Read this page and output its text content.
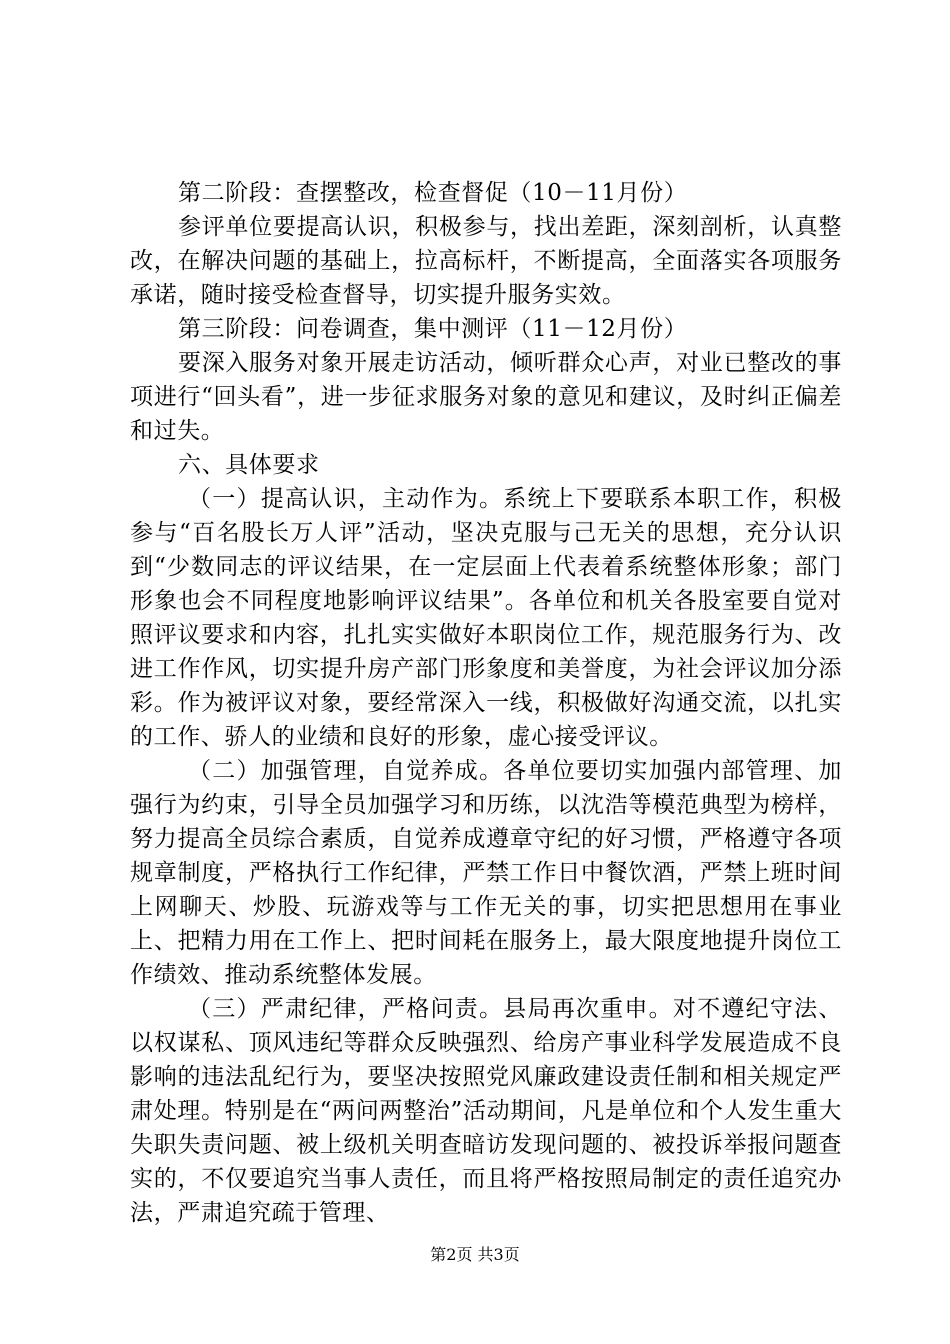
第二阶段：查摆整改，检查督促（10－11月份）

参评单位要提高认识，积极参与，找出差距，深刻剖析，认真整改，在解决问题的基础上，拉高标杆，不断提高，全面落实各项服务承诺，随时接受检查督导，切实提升服务实效。

第三阶段：问卷调查，集中测评（11－12月份）

要深入服务对象开展走访活动，倾听群众心声，对业已整改的事项进行“回头看”，进一步征求服务对象的意见和建议，及时纠正偏差和过失。

六、具体要求

（一）提高认识，主动作为。系统上下要联系本职工作，积极参与“百名股长万人评”活动，坚决克服与己无关的思想，充分认识到“少数同志的评议结果，在一定层面上代表着系统整体形象；部门形象也会不同程度地影响评议结果”。各单位和机关各股室要自觉对照评议要求和内容，扎扎实实做好本职岗位工作，规范服务行为、改进工作作风，切实提升房产部门形象度和美誉度，为社会评议加分添彩。作为被评议对象，要经常深入一线，积极做好沟通交流，以扎实的工作、骄人的业绩和良好的形象，虚心接受评议。

（二）加强管理，自觉养成。各单位要切实加强内部管理、加强行为约束，引导全员加强学习和历练，以沈浩等模范典型为榜样，努力提高全员综合素质，自觉养成遵章守纪的好习惯，严格遵守各项规章制度，严格执行工作纪律，严禁工作日中餐饮酒，严禁上班时间上网聊天、炒股、玩游戏等与工作无关的事，切实把思想用在事业上、把精力用在工作上、把时间耗在服务上，最大限度地提升岗位工作绩效、推动系统整体发展。

（三）严肃纪律，严格问责。县局再次重申。对不遵纪守法、以权谋私、顶风违纪等群众反映强烈、给房产事业科学发展造成不良影响的违法乱纪行为，要坚决按照党风廉政建设责任制和相关规定严肃处理。特别是在“两问两整治”活动期间，凡是单位和个人发生重大失职失责问题、被上级机关明查暗访发现问题的、被投诉举报问题查实的，不仅要追究当事人责任，而且将严格按照局制定的责任追究办法，严肃追究疏于管理、

第2页 共3页
